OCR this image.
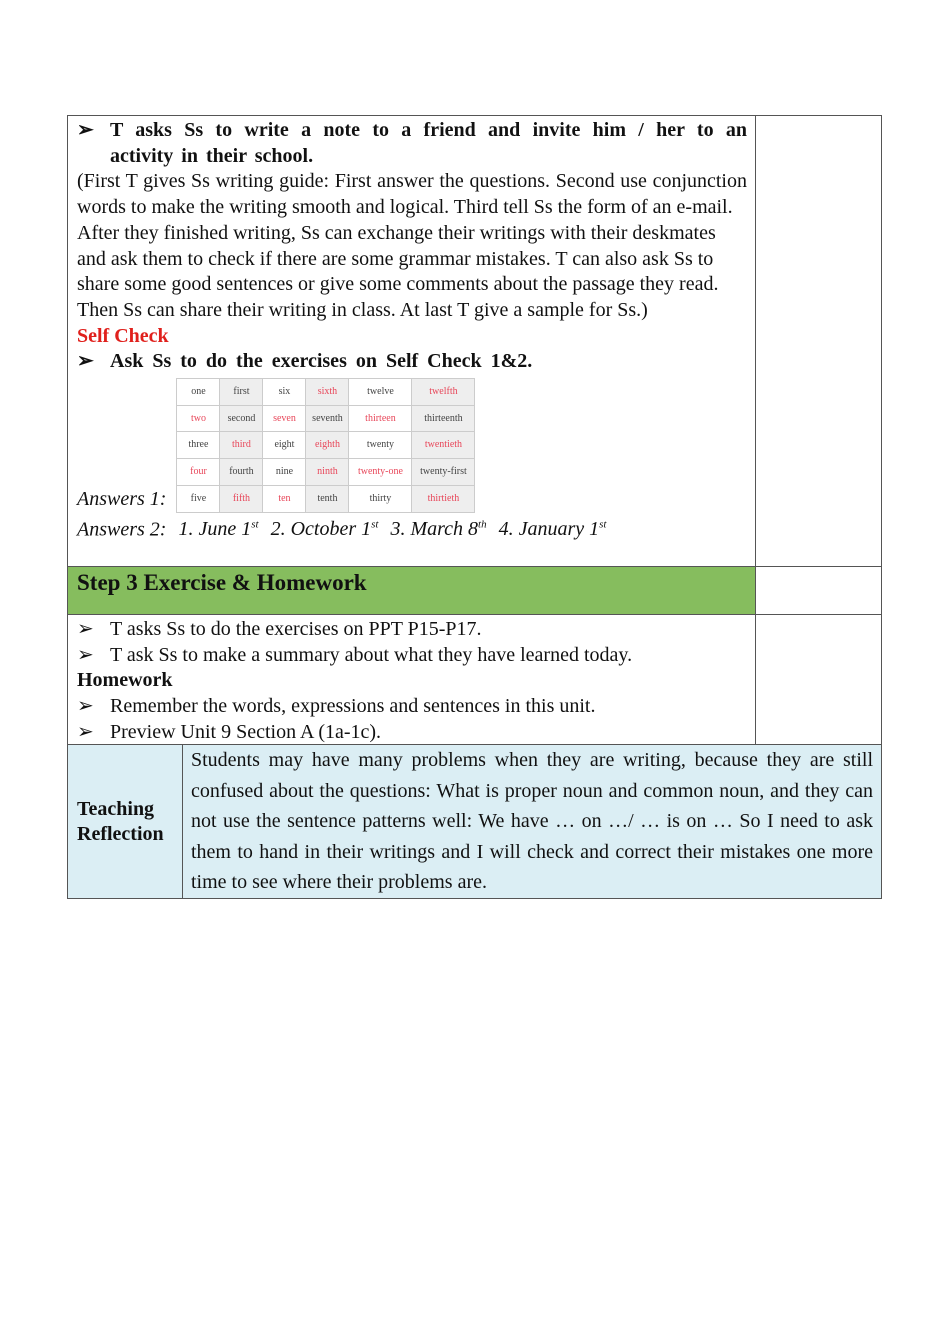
➢ T asks Ss to write a note to a friend and invite him / her to an activity in their school.

(First T gives Ss writing guide: First answer the questions. Second use conjunction words to make the writing smooth and logical. Third tell Ss the form of an e-mail.

After they finished writing, Ss can exchange their writings with their deskmates and ask them to check if there are some grammar mistakes. T can also ask Ss to share some good sentences or give some comments about the passage they read. Then Ss can share their writing in class. At last T give a sample for Ss.)

Self Check

➢ Ask Ss to do the exercises on Self Check 1&2.
Answers 1:
one	first	six	sixth	twelve	twelfth
two	second	seven	seventh	thirteen	thirteenth
three	third	eight	eighth	twenty	twentieth
four	fourth	nine	ninth	twenty-one	twenty-first
five	fifth	ten	tenth	thirty	thirtieth

Answers 2: 1. June 1st 2. October 1st 3. March 8th 4. January 1st

Step 3 Exercise & Homework

➢ T asks Ss to do the exercises on PPT P15-P17.
➢ T ask Ss to make a summary about what they have learned today.

Homework

➢ Remember the words, expressions and sentences in this unit.
➢ Preview Unit 9 Section A (1a-1c).
Teaching
Reflection
Students may have many problems when they are writing, because they are still confused about the questions: What is proper noun and common noun, and they can not use the sentence patterns well: We have … on …/ … is on … So I need to ask them to hand in their writings and I will check and correct their mistakes one more time to see where their problems are.
